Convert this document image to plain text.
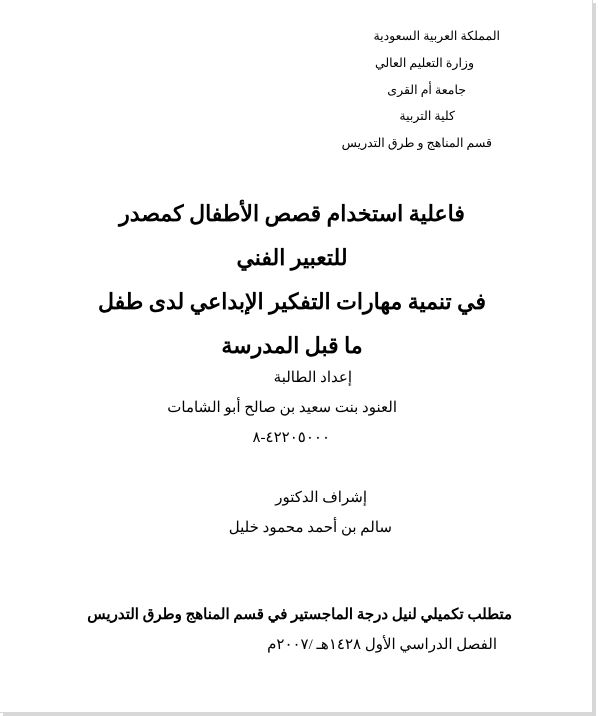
المملكة العربية السعودية
وزارة التعليم العالي
جامعة أم القرى
كلية التربية
قسم المناهج و طرق التدريس
فاعلية استخدام قصص الأطفال كمصدر للتعبير الفني
في تنمية مهارات التفكير الإبداعي لدى طفل
ما قبل المدرسة
إعداد الطالبة
العنود بنت سعيد بن صالح أبو الشامات
٤٢٢٠٥٠٠٠-٨
إشراف الدكتور
سالم بن أحمد محمود خليل
متطلب تكميلي لنيل درجة الماجستير في قسم المناهج وطرق التدريس
الفصل الدراسي الأول ١٤٢٨هـ /٢٠٠٧م
